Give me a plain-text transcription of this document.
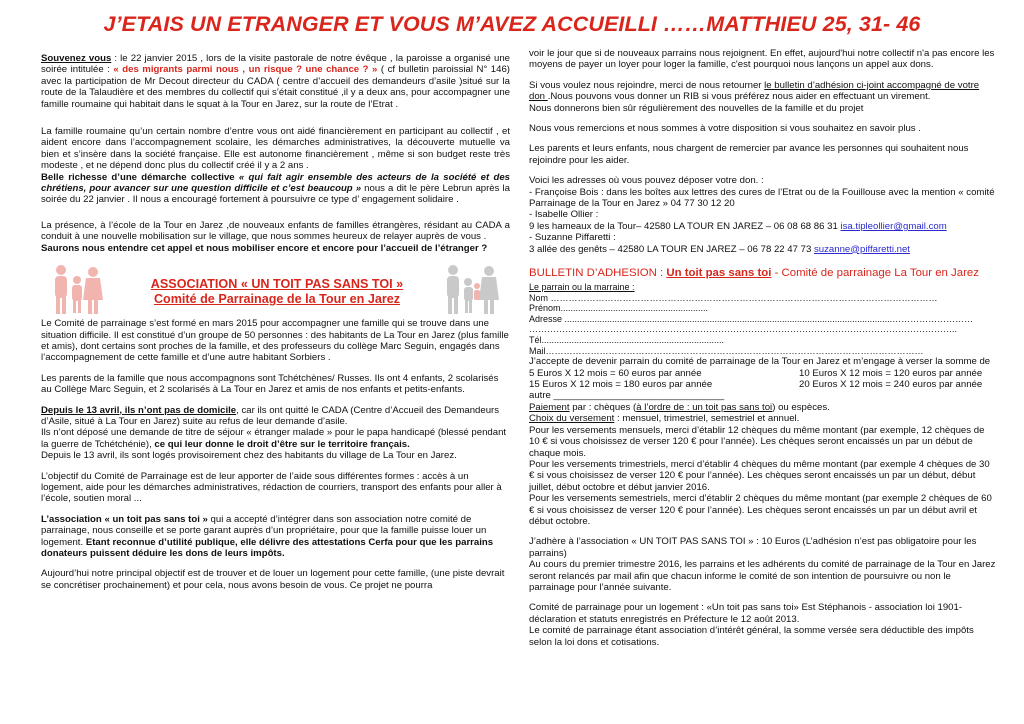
J’ETAIS UN ETRANGER ET VOUS M’AVEZ ACCUEILLI ……MATTHIEU 25, 31- 46

Souvenez vous : le 22 janvier 2015 , lors de la visite pastorale de notre évêque , la paroisse a organisé une soirée intitulée : « des migrants parmi nous , un risque ? une chance ? » ( cf bulletin paroissial N° 146) avec la participation de Mr Decout directeur du CADA ( centre d’accueil des demandeurs d’asile )situé sur la route de la Talaudière et des membres du collectif qui s’était constitué ,il y a deux ans, pour accompagner une famille roumaine qui habitait dans le squat à la Tour en Jarez, sur la route de l’Etrat .

La famille roumaine qu’un certain nombre d’entre vous ont aidé financièrement en participant au collectif , et aident encore dans l’accompagnement scolaire, les démarches administratives, la découverte mutuelle va bien et s’insère dans la société française. Elle est autonome financièrement , même si son budget reste très modeste , et ne dépend donc plus du collectif créé il y a 2 ans .

Belle richesse d’une démarche collective « qui fait agir ensemble des acteurs de la société et des chrétiens, pour avancer sur une question difficile et c’est beaucoup » nous a dit le père Lebrun après la soirée du 22 janvier . Il nous a encouragé fortement à poursuivre ce type d’ engagement solidaire .

La présence, à l’école de la Tour en Jarez ,de nouveaux enfants de familles étrangères, résidant au CADA a conduit à une nouvelle mobilisation sur le village, que nous sommes heureux de relayer auprès de vous .

Saurons nous entendre cet appel et nous mobiliser encore et encore pour l’accueil de l’étranger ?

ASSOCIATION « UN TOIT PAS SANS TOI »
Comité de Parrainage de la Tour en Jarez

Le Comité de parrainage s’est formé en mars 2015 pour accompagner une famille qui se trouve dans une situation difficile. Il est constitué d’un groupe de 50 personnes : des habitants de La Tour en Jarez (plus famille et amis), dont certains sont proches de la famille, et des professeurs du collège Marc Seguin, engagés dans l’accompagnement de cette famille et d’une autre habitant Sorbiers .

Les parents de la famille que nous accompagnons sont Tchétchènes/ Russes. Ils ont 4 enfants, 2 scolarisés au Collège Marc Seguin, et 2 scolarisés à La Tour en Jarez et amis de nos enfants et petits-enfants.

Depuis le 13 avril, ils n’ont pas de domicile, car ils ont quitté le CADA (Centre d’Accueil des Demandeurs d’Asile, situé à La Tour en Jarez) suite au refus de leur demande d’asile.
Ils n’ont déposé une demande de titre de séjour « étranger malade » pour le papa handicapé (blessé pendant la guerre de Tchétchénie), ce qui leur donne le droit d’être sur le territoire français.
Depuis le 13 avril, ils sont logés provisoirement chez des habitants du village de La Tour en Jarez.

L’objectif du Comité de Parrainage est de leur apporter de l’aide sous différentes formes : accès à un logement, aide pour les démarches administratives, rédaction de courriers, transport des enfants pour aller à l’école, soutien moral ...

L’association « un toit pas sans toi » qui a accepté d’intégrer dans son association notre comité de parrainage, nous conseille et se porte garant auprès d’un propriétaire, pour que la famille puisse louer un logement. Etant reconnue d’utilité publique, elle délivre des attestations Cerfa pour que les parrains donateurs puissent déduire les dons de leurs impôts.

Aujourd’hui notre principal objectif est de trouver et de louer un logement pour cette famille, (une piste devrait se concrétiser prochainement) et pour cela, nous avons besoin de vous. Ce projet ne pourra

voir le jour que si de nouveaux parrains nous rejoignent. En effet, aujourd'hui notre collectif n'a pas encore les moyens de payer un loyer pour loger la famille, c'est pourquoi nous lançons un appel aux dons.

Si vous voulez nous rejoindre, merci de nous retourner le bulletin d’adhésion ci-joint accompagné de votre don .Nous pouvons vous donner un RIB si vous préférez nous aider en effectuant un virement.
Nous donnerons bien sûr régulièrement des nouvelles de la famille et du projet

Nous vous remercions et nous sommes à votre disposition si vous souhaitez en savoir plus .

Les parents et leurs enfants, nous chargent de remercier par avance les personnes qui souhaitent nous rejoindre pour les aider.

Voici les adresses où vous pouvez déposer votre don. :
- Françoise Bois : dans les boîtes aux lettres des cures de l’Etrat ou de la Fouillouse avec la mention « comité Parrainage de la Tour en Jarez » 04 77 30 12 20
- Isabelle Ollier :
9 les hameaux de la Tour– 42580 LA TOUR EN JAREZ – 06 08 68 86 31 isa.tipleollier@gmail.com
- Suzanne Piffaretti :
3 allée des genêts – 42580 LA TOUR EN JAREZ – 06 78 22 47 73 suzanne@piffaretti.net

BULLETIN D’ADHESION : Un toit pas sans toi - Comité de parrainage La Tour en Jarez

Le parrain ou la marraine :

Nom …………………………………………………………………………………………………………………

Prénom...........................................................

Adresse ...................................................................................................................................………………………

……………………………………………………………………………………………………………………………..

Tél.........................................................................

Mail………………………………………………………………………………………………………………

J’accepte de devenir parrain du comité de parrainage de la Tour en Jarez et m’engage à verser la somme de

5 Euros X 12 mois = 60 euros par année	10 Euros X 12 mois = 120 euros par année
15 Euros X 12 mois = 180 euros par année	20 Euros X 12 mois = 240 euros par année

autre ________________________________

Paiement par : chèques (à l’ordre de : un toit pas sans toi) ou espèces.

Choix du versement : mensuel, trimestriel, semestriel et annuel.

Pour les versements mensuels, merci d’établir 12 chèques du même montant (par exemple, 12 chèques de 10 € si vous choisissez de verser 120 € pour l’année). Les chèques seront encaissés un par un début de chaque mois.

Pour les versements trimestriels, merci d’établir 4 chèques du même montant (par exemple 4 chèques de 30 € si vous choisissez de verser 120 € pour l’année). Les chèques seront encaissés un par un début, début juillet, début octobre et début janvier 2016.

Pour les versements semestriels, merci d’établir 2 chèques du même montant (par exemple 2 chèques de 60 € si vous choisissez de verser 120 € pour l’année). Les chèques seront encaissés un par un début avril et début octobre.

J’adhère à l’association « UN TOIT PAS SANS TOI » : 10 Euros (L’adhésion n’est pas obligatoire pour les parrains)

Au cours du premier trimestre 2016, les parrains et les adhérents du comité de parrainage de la Tour en Jarez seront relancés par mail afin que chacun informe le comité de son intention de poursuivre ou non le parrainage pour l’année suivante.

Comité de parrainage pour un logement : «Un toit pas sans toi» Est Stéphanois - association loi 1901-déclaration et statuts enregistrés en Préfecture le 12 août 2013.

Le comité de parrainage étant association d’intérêt général, la somme versée sera déductible des impôts selon la loi dons et cotisations.
